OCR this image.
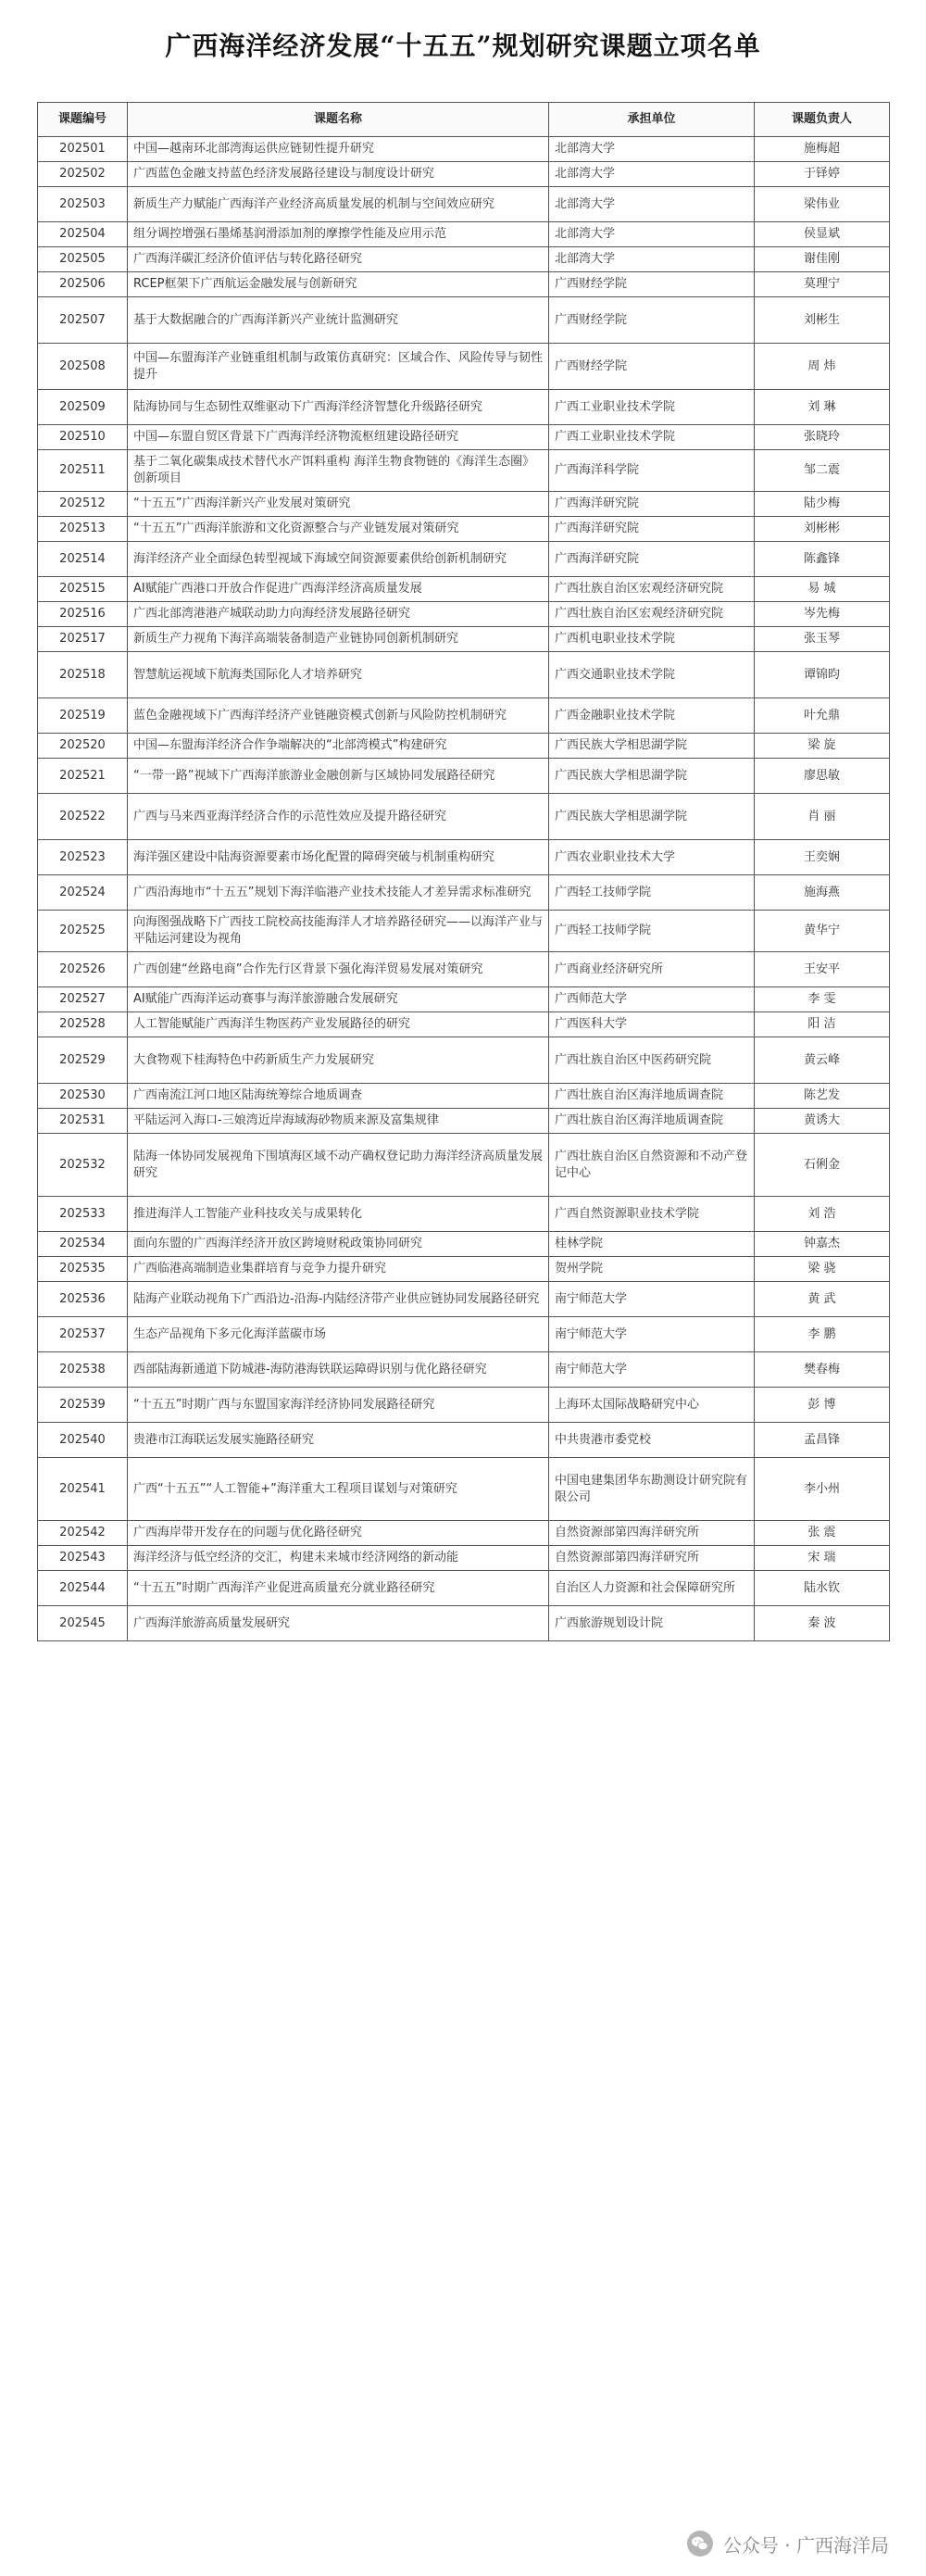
广西海洋经济发展“十五五”规划研究课题立项名单
课题编号	课题名称	承担单位	课题负责人
202501	中国—越南环北部湾海运供应链韧性提升研究	北部湾大学	施梅超
202502	广西蓝色金融支持蓝色经济发展路径建设与制度设计研究	北部湾大学	于铎婷
202503	新质生产力赋能广西海洋产业经济高质量发展的机制与空间效应研究	北部湾大学	梁伟业
202504	组分调控增强石墨烯基润滑添加剂的摩擦学性能及应用示范	北部湾大学	侯显斌
202505	广西海洋碳汇经济价值评估与转化路径研究	北部湾大学	谢佳刚
202506	RCEP框架下广西航运金融发展与创新研究	广西财经学院	莫理宁
202507	基于大数据融合的广西海洋新兴产业统计监测研究	广西财经学院	刘彬生
202508	中国—东盟海洋产业链重组机制与政策仿真研究：区域合作、风险传导与韧性提升	广西财经学院	周 炜
202509	陆海协同与生态韧性双维驱动下广西海洋经济智慧化升级路径研究	广西工业职业技术学院	刘 琳
202510	中国—东盟自贸区背景下广西海洋经济物流枢纽建设路径研究	广西工业职业技术学院	张晓玲
202511	基于二氧化碳集成技术替代水产饵料重构 海洋生物食物链的《海洋生态圈》创新项目	广西海洋科学院	邹二震
202512	“十五五”广西海洋新兴产业发展对策研究	广西海洋研究院	陆少梅
202513	“十五五”广西海洋旅游和文化资源整合与产业链发展对策研究	广西海洋研究院	刘彬彬
202514	海洋经济产业全面绿色转型视域下海域空间资源要素供给创新机制研究	广西海洋研究院	陈鑫锋
202515	AI赋能广西港口开放合作促进广西海洋经济高质量发展	广西壮族自治区宏观经济研究院	易 城
202516	广西北部湾港港产城联动助力向海经济发展路径研究	广西壮族自治区宏观经济研究院	岑先梅
202517	新质生产力视角下海洋高端装备制造产业链协同创新机制研究	广西机电职业技术学院	张玉琴
202518	智慧航运视域下航海类国际化人才培养研究	广西交通职业技术学院	谭锦昀
202519	蓝色金融视域下广西海洋经济产业链融资模式创新与风险防控机制研究	广西金融职业技术学院	叶允鼎
202520	中国—东盟海洋经济合作争端解决的“北部湾模式”构建研究	广西民族大学相思湖学院	梁 旋
202521	“一带一路”视域下广西海洋旅游业金融创新与区域协同发展路径研究	广西民族大学相思湖学院	廖思敏
202522	广西与马来西亚海洋经济合作的示范性效应及提升路径研究	广西民族大学相思湖学院	肖 丽
202523	海洋强区建设中陆海资源要素市场化配置的障碍突破与机制重构研究	广西农业职业技术大学	王奕娴
202524	广西沿海地市“十五五”规划下海洋临港产业技术技能人才差异需求标准研究	广西轻工技师学院	施海燕
202525	向海图强战略下广西技工院校高技能海洋人才培养路径研究——以海洋产业与平陆运河建设为视角	广西轻工技师学院	黄华宁
202526	广西创建“丝路电商”合作先行区背景下强化海洋贸易发展对策研究	广西商业经济研究所	王安平
202527	AI赋能广西海洋运动赛事与海洋旅游融合发展研究	广西师范大学	李 雯
202528	人工智能赋能广西海洋生物医药产业发展路径的研究	广西医科大学	阳 洁
202529	大食物观下桂海特色中药新质生产力发展研究	广西壮族自治区中医药研究院	黄云峰
202530	广西南流江河口地区陆海统筹综合地质调查	广西壮族自治区海洋地质调查院	陈艺发
202531	平陆运河入海口-三娘湾近岸海域海砂物质来源及富集规律	广西壮族自治区海洋地质调查院	黄诱大
202532	陆海一体协同发展视角下围填海区域不动产确权登记助力海洋经济高质量发展研究	广西壮族自治区自然资源和不动产登记中心	石俐金
202533	推进海洋人工智能产业科技攻关与成果转化	广西自然资源职业技术学院	刘 浩
202534	面向东盟的广西海洋经济开放区跨境财税政策协同研究	桂林学院	钟嘉杰
202535	广西临港高端制造业集群培育与竞争力提升研究	贺州学院	梁 骁
202536	陆海产业联动视角下广西沿边-沿海-内陆经济带产业供应链协同发展路径研究	南宁师范大学	黄 武
202537	生态产品视角下多元化海洋蓝碳市场	南宁师范大学	李 鹏
202538	西部陆海新通道下防城港-海防港海铁联运障碍识别与优化路径研究	南宁师范大学	樊春梅
202539	“十五五”时期广西与东盟国家海洋经济协同发展路径研究	上海环太国际战略研究中心	彭 博
202540	贵港市江海联运发展实施路径研究	中共贵港市委党校	孟昌锋
202541	广西“十五五”“人工智能+”海洋重大工程项目谋划与对策研究	中国电建集团华东勘测设计研究院有限公司	李小州
202542	广西海岸带开发存在的问题与优化路径研究	自然资源部第四海洋研究所	张 震
202543	海洋经济与低空经济的交汇，构建未来城市经济网络的新动能	自然资源部第四海洋研究所	宋 瑞
202544	“十五五”时期广西海洋产业促进高质量充分就业路径研究	自治区人力资源和社会保障研究所	陆水钦
202545	广西海洋旅游高质量发展研究	广西旅游规划设计院	秦 波
公众号 · 广西海洋局
